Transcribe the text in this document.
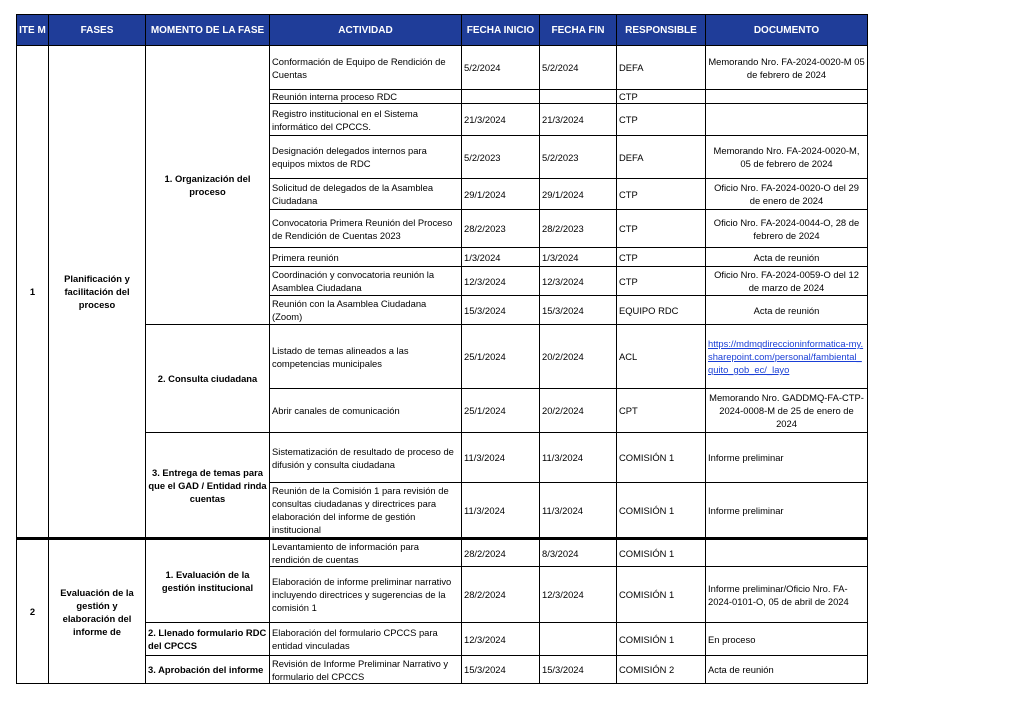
ITE M	FASES	MOMENTO DE LA FASE	ACTIVIDAD	FECHA INICIO	FECHA FIN	RESPONSIBLE	DOCUMENTO
1	Planificación y facilitación del proceso	1. Organización del proceso	Conformación de Equipo de Rendición de Cuentas	5/2/2024	5/2/2024	DEFA	Memorando Nro. FA-2024-0020-M 05 de febrero de 2024
			Reunión interna proceso RDC			CTP	
			Registro institucional en el Sistema informático del CPCCS.	21/3/2024	21/3/2024	CTP	
			Designación delegados internos para equipos mixtos de RDC	5/2/2023	5/2/2023	DEFA	Memorando Nro. FA-2024-0020-M, 05 de febrero de 2024
			Solicitud de delegados de la Asamblea Ciudadana	29/1/2024	29/1/2024	CTP	Oficio Nro. FA-2024-0020-O del 29 de enero de 2024
			Convocatoria Primera Reunión del Proceso de Rendición de Cuentas 2023	28/2/2023	28/2/2023	CTP	Oficio Nro. FA-2024-0044-O, 28 de febrero de 2024
			Primera reunión	1/3/2024	1/3/2024	CTP	Acta de reunión
			Coordinación y convocatoria reunión la Asamblea Ciudadana	12/3/2024	12/3/2024	CTP	Oficio Nro. FA-2024-0059-O del 12 de marzo de 2024
			Reunión con la Asamblea Ciudadana (Zoom)	15/3/2024	15/3/2024	EQUIPO RDC	Acta de reunión
		2. Consulta ciudadana	Listado de temas alineados a las competencias municipales	25/1/2024	20/2/2024	ACL	https://mdmqdireccioninformatica-my.sharepoint.com/personal/fambiental_quito_gob_ec/_layo
			Abrir canales de comunicación	25/1/2024	20/2/2024	CPT	Memorando Nro. GADDMQ-FA-CTP-2024-0008-M de 25 de enero de 2024
		3. Entrega de temas para que el GAD / Entidad rinda cuentas	Sistematización de resultado de proceso de difusión y consulta ciudadana	11/3/2024	11/3/2024	COMISIÓN 1	Informe preliminar
			Reunión de la Comisión 1 para revisión de consultas ciudadanas y directrices para elaboración del informe de gestión institucional	11/3/2024	11/3/2024	COMISIÓN 1	Informe preliminar
2	Evaluación de la gestión y elaboración del informe de	1. Evaluación de la gestión institucional	Levantamiento de información para rendición de cuentas	28/2/2024	8/3/2024	COMISIÓN 1	
			Elaboración de informe preliminar narrativo incluyendo directrices y sugerencias de la comisión 1	28/2/2024	12/3/2024	COMISIÓN 1	Informe preliminar/Oficio Nro. FA-2024-0101-O, 05 de abril de 2024
		2. Llenado formulario RDC del CPCCS	Elaboración del formulario CPCCS para entidad vinculadas	12/3/2024		COMISIÓN 1	En proceso
		3. Aprobación del informe	Revisión de Informe Preliminar Narrativo y formulario del CPCCS	15/3/2024	15/3/2024	COMISIÓN 2	Acta de reunión
